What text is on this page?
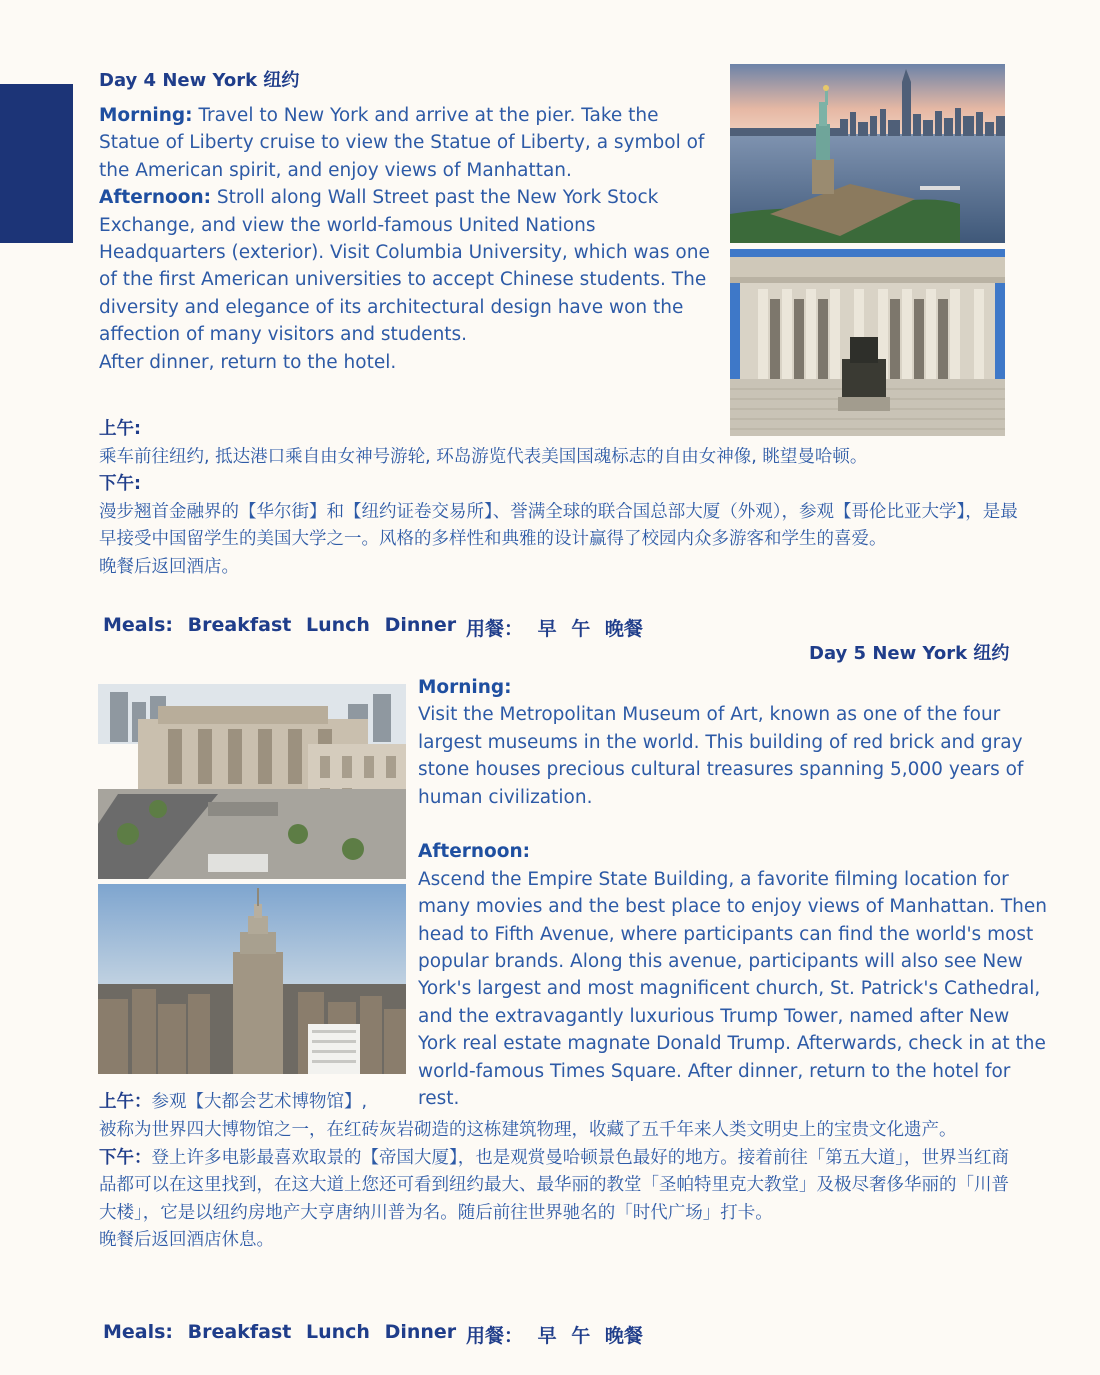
Day 4 New York 纽约

Morning: Travel to New York and arrive at the pier. Take the Statue of Liberty cruise to view the Statue of Liberty, a symbol of the American spirit, and enjoy views of Manhattan.

Afternoon: Stroll along Wall Street past the New York Stock Exchange, and view the world-famous United Nations Headquarters (exterior). Visit Columbia University, which was one of the first American universities to accept Chinese students. The diversity and elegance of its architectural design have won the affection of many visitors and students.

After dinner, return to the hotel.

上午:

乘车前往纽约, 抵达港口乘自由女神号游轮, 环岛游览代表美国国魂标志的自由女神像, 眺望曼哈顿。

下午:

漫步翘首金融界的【华尔街】和【纽约证卷交易所】、誉满全球的联合国总部大厦（外观），参观【哥伦比亚大学】，是最早接受中国留学生的美国大学之一。风格的多样性和典雅的设计赢得了校园内众多游客和学生的喜爱。

晚餐后返回酒店。

Meals: Breakfast Lunch Dinner 用餐： 早 午 晚餐
Day 5 New York 纽约

Morning:

Visit the Metropolitan Museum of Art, known as one of the four largest museums in the world. This building of red brick and gray stone houses precious cultural treasures spanning 5,000 years of human civilization.

Afternoon:

Ascend the Empire State Building, a favorite filming location for many movies and the best place to enjoy views of Manhattan. Then head to Fifth Avenue, where participants can find the world's most popular brands. Along this avenue, participants will also see New York's largest and most magnificent church, St. Patrick's Cathedral, and the extravagantly luxurious Trump Tower, named after New York real estate magnate Donald Trump. Afterwards, check in at the world-famous Times Square. After dinner, return to the hotel for rest.

上午：参观【大都会艺术博物馆】,

被称为世界四大博物馆之一，在红砖灰岩砌造的这栋建筑物理，收藏了五千年来人类文明史上的宝贵文化遗产。

下午：登上许多电影最喜欢取景的【帝国大厦】，也是观赏曼哈顿景色最好的地方。接着前往「第五大道」，世界当红商品都可以在这里找到，在这大道上您还可看到纽约最大、最华丽的教堂「圣帕特里克大教堂」及极尽奢侈华丽的「川普大楼」，它是以纽约房地产大亨唐纳川普为名。随后前往世界驰名的「时代广场」打卡。

晚餐后返回酒店休息。

Meals: Breakfast Lunch Dinner 用餐： 早 午 晚餐
